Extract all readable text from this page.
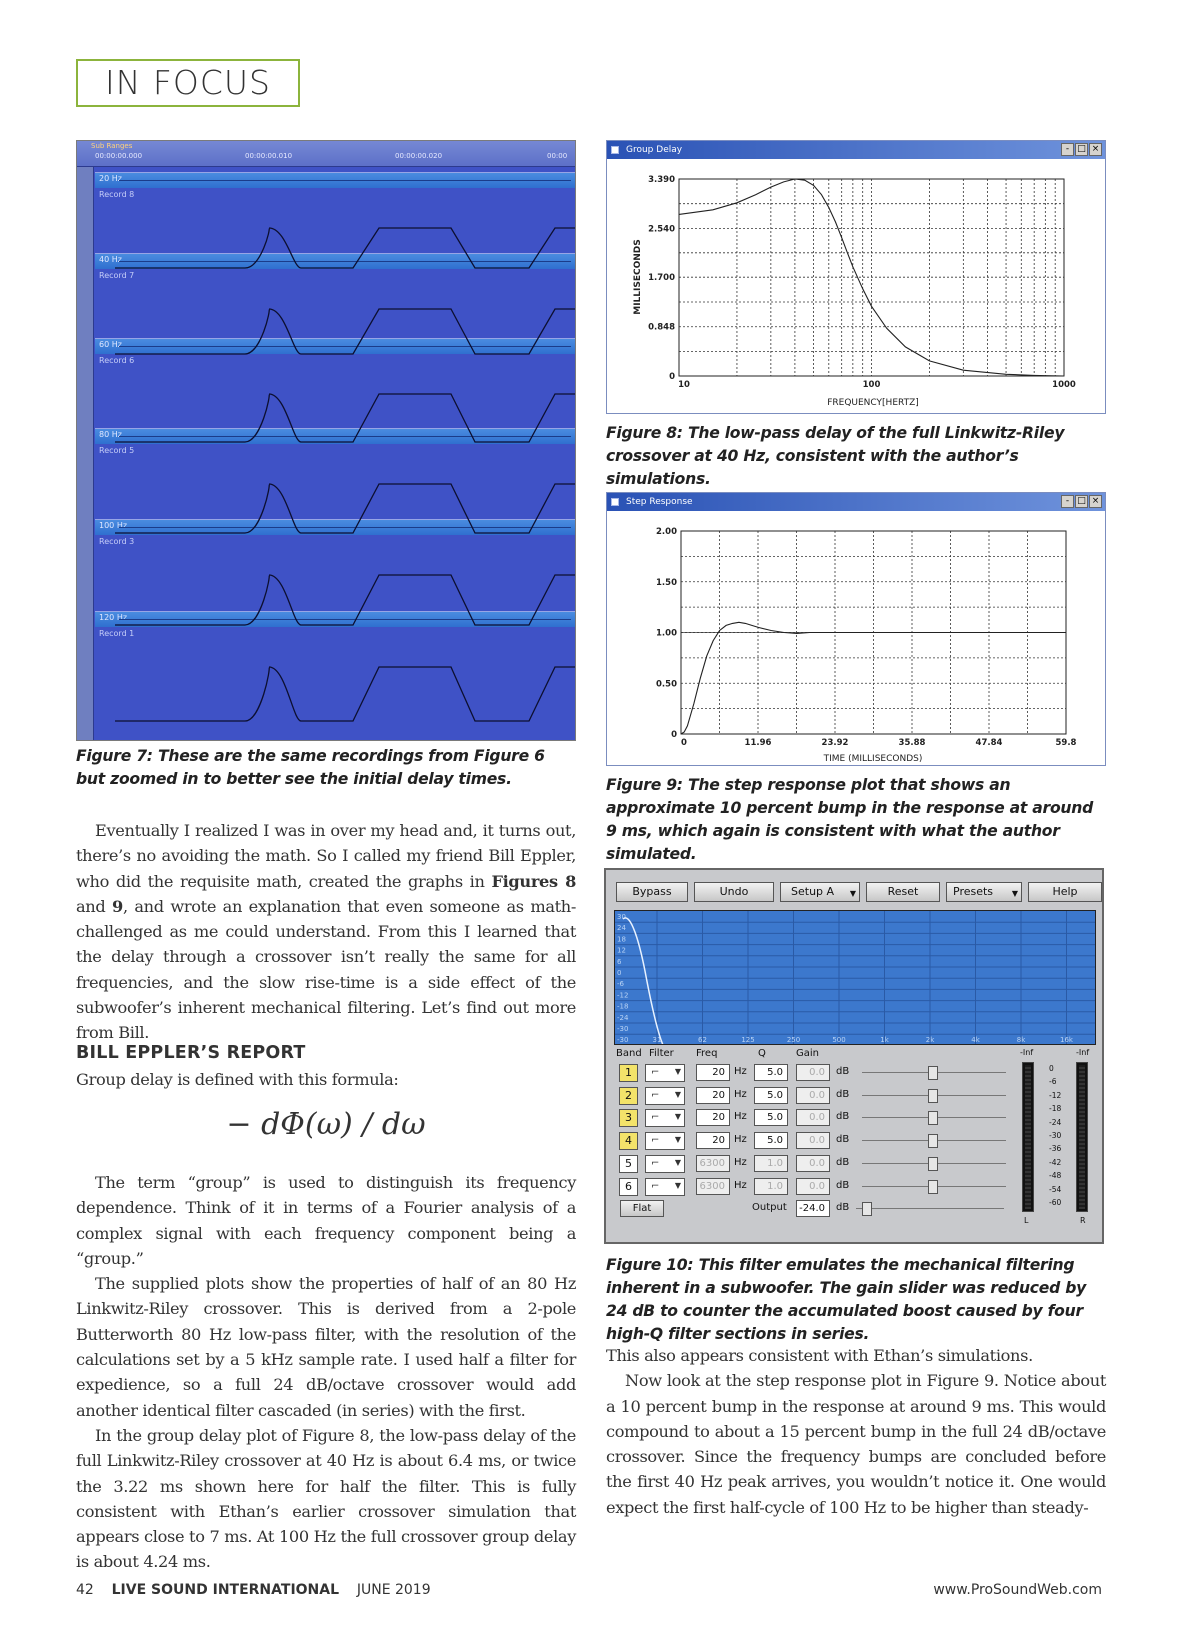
IN FOCUS
Sub Ranges
00:00:00.000	00:00:00.010	00:00:00.020	00:00
20 Hz
Record 8
40 Hz
Record 7
60 Hz
Record 6
80 Hz
Record 5
100 Hz
Record 3
120 Hz
Record 1
Figure 7: These are the same recordings from Figure 6 but zoomed in to better see the initial delay times.
Group Delay	- □ ×
0
0.848
1.700
2.540
3.390
10	100	1000
FREQUENCY[HERTZ]
MILLISECONDS
Figure 8: The low-pass delay of the full Linkwitz-Riley crossover at 40 Hz, consistent with the author’s simulations.
Step Response	- □ ×
0
0.50
1.00
1.50
2.00
0	11.96	23.92	35.88	47.84	59.8
TIME (MILLISECONDS)
Figure 9: The step response plot that shows an approximate 10 percent bump in the response at around 9 ms, which again is consistent with what the author simulated.
Bypass	Undo	Setup A ▼	Reset	Presets ▼	Help
30
24
18
12
6
0
-6
-12
-18
-24
-30
-30	31	62	125	250	500	1k	2k	4k	8k	16k
Band Filter Freq	Q	Gain
1	⌐ ▼	20 Hz	5.0	0.0	dB
2	⌐ ▼	20 Hz	5.0	0.0	dB
3	⌐ ▼	20 Hz	5.0	0.0	dB
4	⌐ ▼	20 Hz	5.0	0.0	dB
5	⌐ ▼	6300 Hz	1.0	0.0	dB
6	⌐ ▼	6300 Hz	1.0	0.0	dB
Flat	Output	-24.0	dB
-Inf	-Inf
0
-6
-12
-18
-24
-30
-36
-42
-48
-54
-60
L	R
Figure 10: This filter emulates the mechanical filtering inherent in a subwoofer. The gain slider was reduced by 24 dB to counter the accumulated boost caused by four high-Q filter sections in series.

Eventually I realized I was in over my head and, it turns out, there’s no avoiding the math. So I called my friend Bill Eppler, who did the requisite math, created the graphs in Figures 8 and 9, and wrote an explanation that even someone as math-challenged as me could understand. From this I learned that the delay through a crossover isn’t really the same for all frequencies, and the slow rise-time is a side effect of the subwoofer’s inherent mechanical filtering. Let’s find out more from Bill.

BILL EPPLER’S REPORT
Group delay is defined with this formula:
− dΦ(ω) / dω

The term “group” is used to distinguish its frequency dependence. Think of it in terms of a Fourier analysis of a complex signal with each frequency component being a “group.”

The supplied plots show the properties of half of an 80 Hz Linkwitz-Riley crossover. This is derived from a 2-pole Butterworth 80 Hz low-pass filter, with the resolution of the calculations set by a 5 kHz sample rate. I used half a filter for expedience, so a full 24 dB/octave crossover would add another identical filter cascaded (in series) with the first.

In the group delay plot of Figure 8, the low-pass delay of the full Linkwitz-Riley crossover at 40 Hz is about 6.4 ms, or twice the 3.22 ms shown here for half the filter. This is fully consistent with Ethan’s earlier crossover simulation that appears close to 7 ms. At 100 Hz the full crossover group delay is about 4.24 ms.

This also appears consistent with Ethan’s simulations.

Now look at the step response plot in Figure 9. Notice about a 10 percent bump in the response at around 9 ms. This would compound to about a 15 percent bump in the full 24 dB/octave crossover. Since the frequency bumps are concluded before the first 40 Hz peak arrives, you wouldn’t notice it. One would expect the first half-cycle of 100 Hz to be higher than steady-

42 LIVE SOUND INTERNATIONAL JUNE 2019	www.ProSoundWeb.com
